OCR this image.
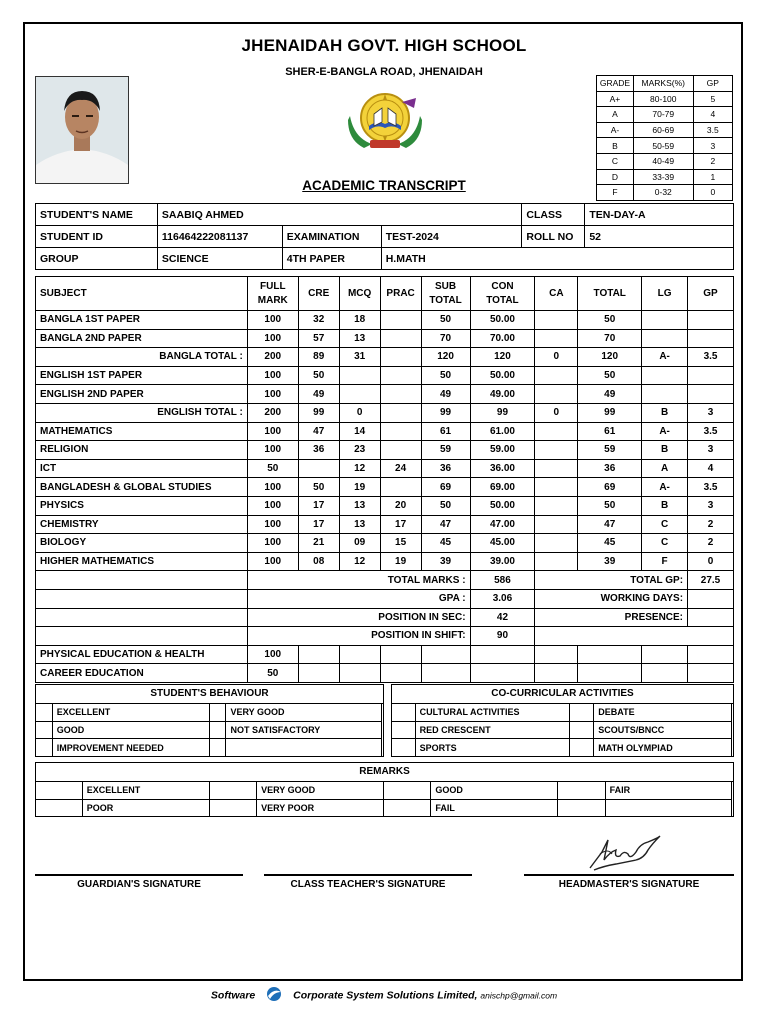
JHENAIDAH GOVT. HIGH SCHOOL
SHER-E-BANGLA ROAD, JHENAIDAH
ACADEMIC TRANSCRIPT
GRADE	MARKS(%)	GP
A+	80-100	5
A	70-79	4
A-	60-69	3.5
B	50-59	3
C	40-49	2
D	33-39	1
F	0-32	0
STUDENT'S NAME	SAABIQ AHMED			CLASS	TEN-DAY-A
STUDENT ID	116464222081137	EXAMINATION	TEST-2024	ROLL NO	52
GROUP	SCIENCE	4TH PAPER	H.MATH		
SUBJECT	FULL MARK	CRE	MCQ	PRAC	SUB TOTAL	CON TOTAL	CA	TOTAL	LG	GP
BANGLA 1ST PAPER	100	32	18		50	50.00		50		
BANGLA 2ND PAPER	100	57	13		70	70.00		70		
BANGLA TOTAL :	200	89	31		120	120	0	120	A-	3.5
ENGLISH 1ST PAPER	100	50			50	50.00		50		
ENGLISH 2ND PAPER	100	49			49	49.00		49		
ENGLISH TOTAL :	200	99	0		99	99	0	99	B	3
MATHEMATICS	100	47	14		61	61.00		61	A-	3.5
RELIGION	100	36	23		59	59.00		59	B	3
ICT	50		12	24	36	36.00		36	A	4
BANGLADESH & GLOBAL STUDIES	100	50	19		69	69.00		69	A-	3.5
PHYSICS	100	17	13	20	50	50.00		50	B	3
CHEMISTRY	100	17	13	17	47	47.00		47	C	2
BIOLOGY	100	21	09	15	45	45.00		45	C	2
HIGHER MATHEMATICS	100	08	12	19	39	39.00		39	F	0
	TOTAL MARKS :					586	TOTAL GP:			27.5
	GPA :					3.06	WORKING DAYS:			
	POSITION IN SEC:					42	PRESENCE:			
	POSITION IN SHIFT:					90				
PHYSICAL EDUCATION & HEALTH	100									
CAREER EDUCATION	50									
STUDENT'S BEHAVIOUR
	EXCELLENT		VERY GOOD
	GOOD		NOT SATISFACTORY
	IMPROVEMENT NEEDED		
CO-CURRICULAR ACTIVITIES
	CULTURAL ACTIVITIES		DEBATE
	RED CRESCENT		SCOUTS/BNCC
	SPORTS		MATH OLYMPIAD
REMARKS
	EXCELLENT		VERY GOOD		GOOD		FAIR
	POOR		VERY POOR		FAIL		
GUARDIAN'S SIGNATURE	CLASS TEACHER'S SIGNATURE	HEADMASTER'S SIGNATURE
Software	Corporate System Solutions Limited, anischp@gmail.com
